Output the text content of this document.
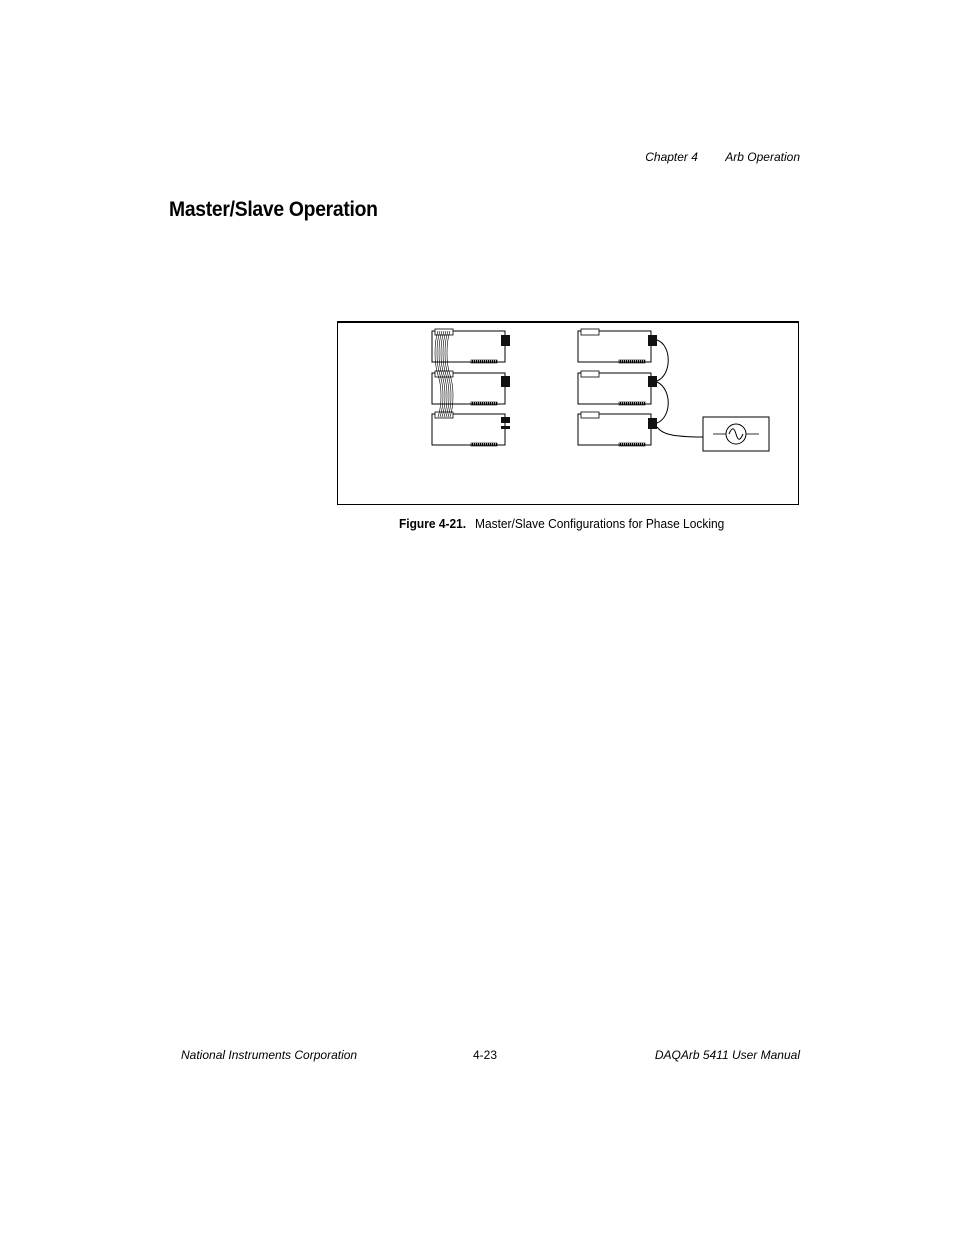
Chapter 4 Arb Operation
Master/Slave Operation
Figure 4-21. Master/Slave Configurations for Phase Locking
National Instruments Corporation	4-23	DAQArb 5411 User Manual
